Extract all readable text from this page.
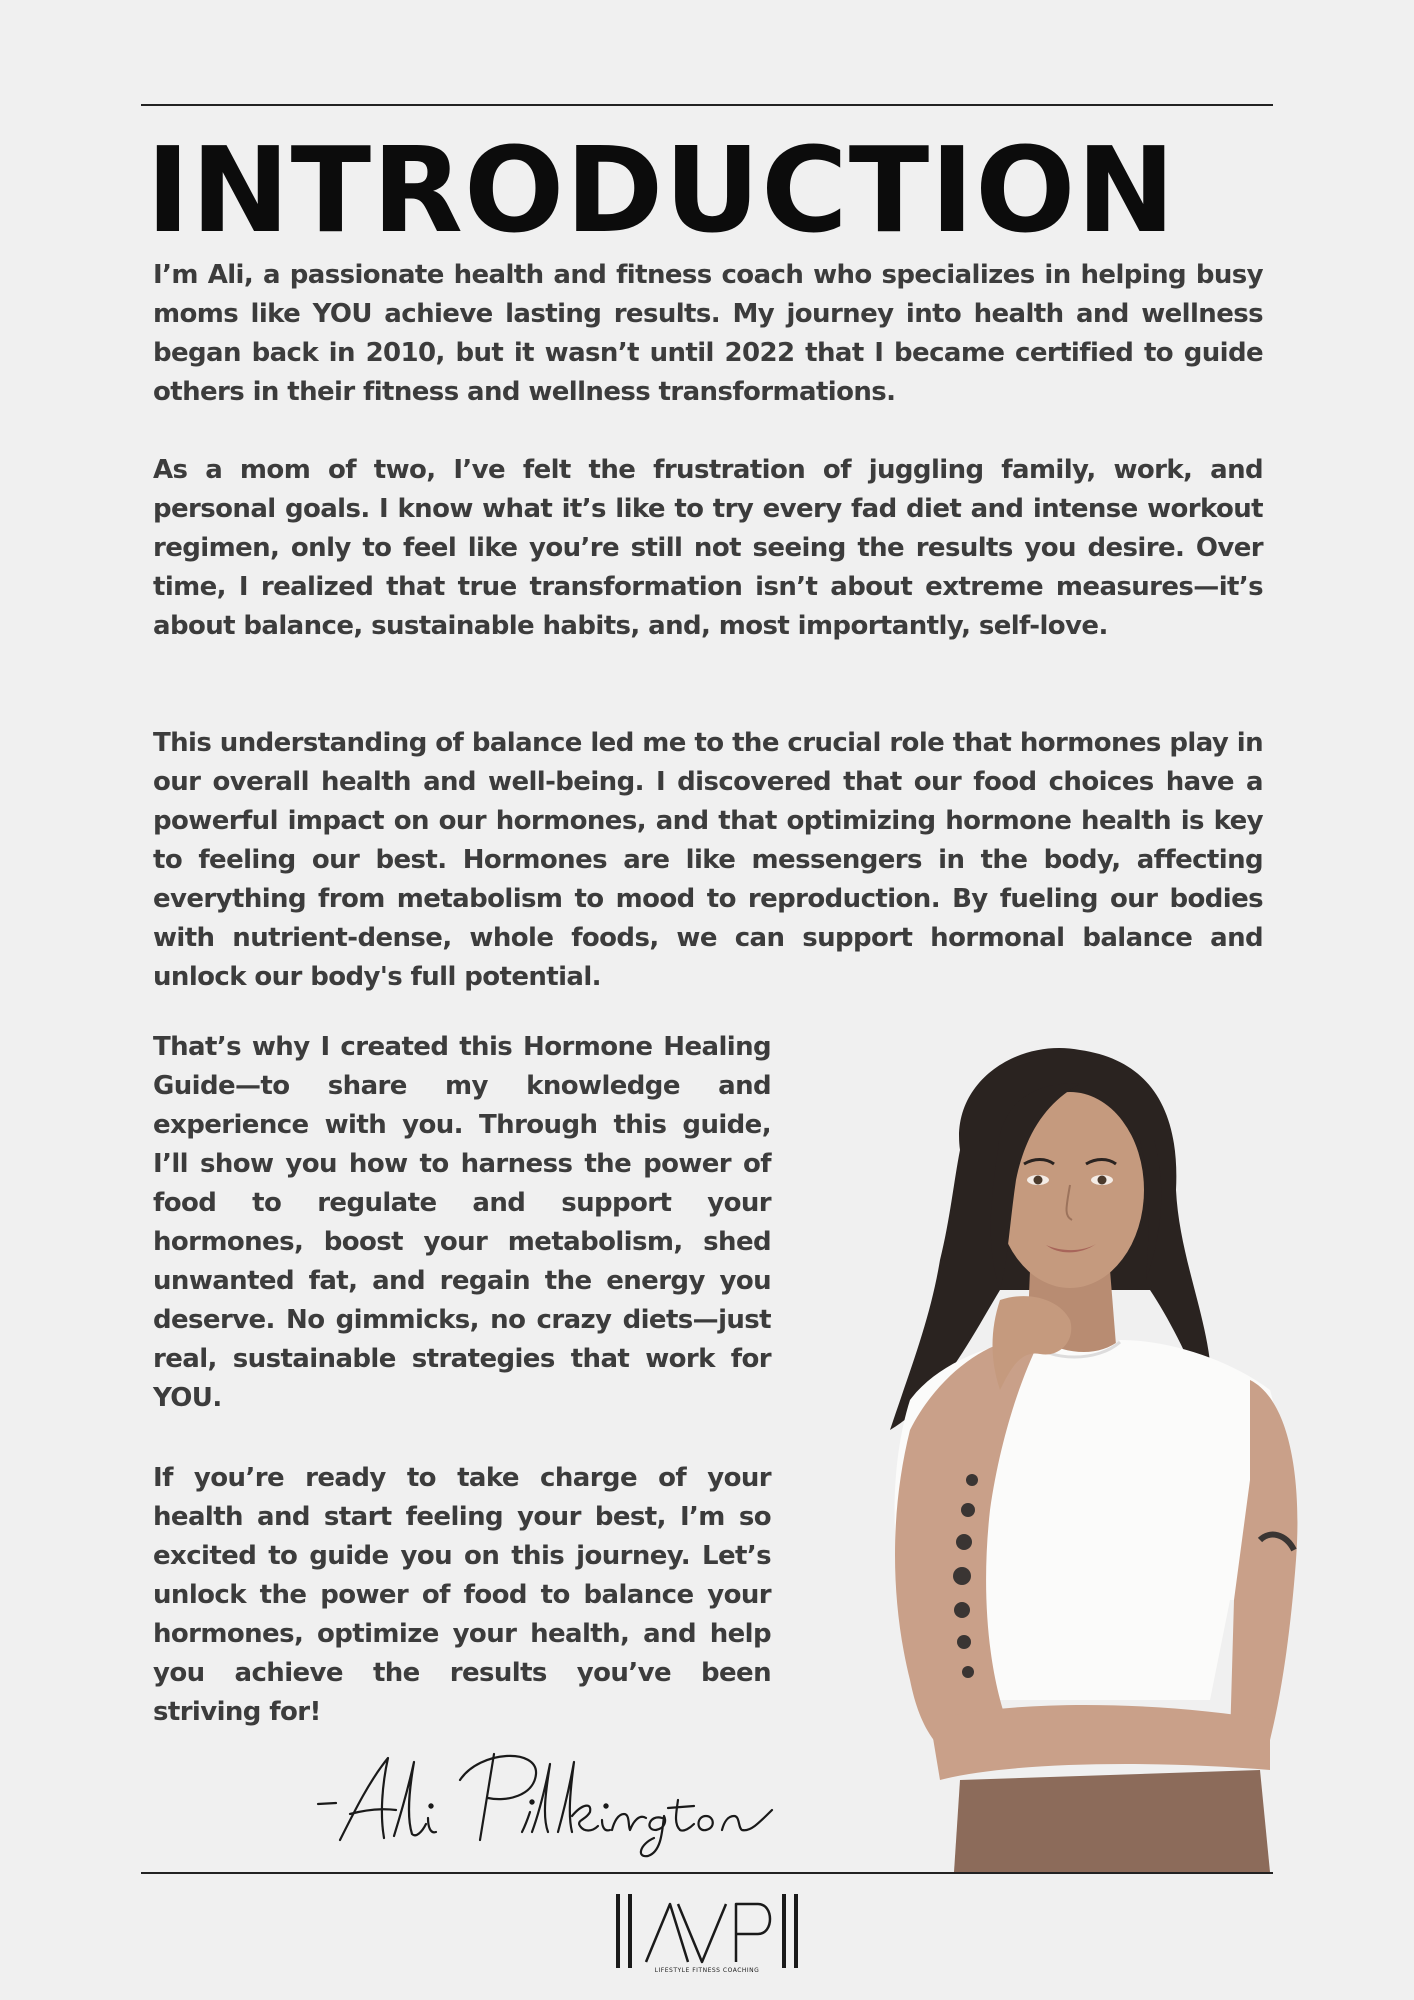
INTRODUCTION

I’m Ali, a passionate health and fitness coach who specializes in helping busy moms like YOU achieve lasting results. My journey into health and wellness began back in 2010, but it wasn’t until 2022 that I became certified to guide others in their fitness and wellness transformations.

As a mom of two, I’ve felt the frustration of juggling family, work, and personal goals. I know what it’s like to try every fad diet and intense workout regimen, only to feel like you’re still not seeing the results you desire. Over time, I realized that true transformation isn’t about extreme measures—it’s about balance, sustainable habits, and, most importantly, self-love.

This understanding of balance led me to the crucial role that hormones play in our overall health and well-being. I discovered that our food choices have a powerful impact on our hormones, and that optimizing hormone health is key to feeling our best. Hormones are like messengers in the body, affecting everything from metabolism to mood to reproduction. By fueling our bodies with nutrient-dense, whole foods, we can support hormonal balance and unlock our body's full potential.

That’s why I created this Hormone Healing Guide—to share my knowledge and experience with you. Through this guide, I’ll show you how to harness the power of food to regulate and support your hormones, boost your metabolism, shed unwanted fat, and regain the energy you deserve. No gimmicks, no crazy diets—just real, sustainable strategies that work for YOU.

If you’re ready to take charge of your health and start feeling your best, I’m so excited to guide you on this journey. Let’s unlock the power of food to balance your hormones, optimize your health, and help you achieve the results you’ve been striving for!

LIFESTYLE FITNESS COACHING
